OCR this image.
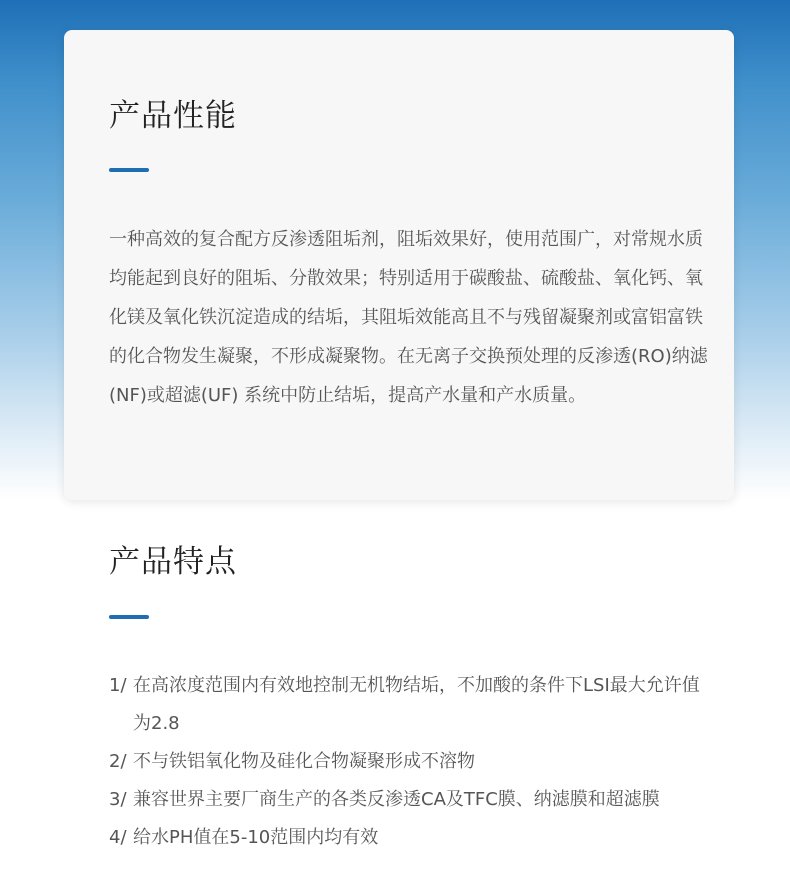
产品性能

一种高效的复合配方反渗透阻垢剂，阻垢效果好，使用范围广，对常规水质均能起到良好的阻垢、分散效果；特别适用于碳酸盐、硫酸盐、氧化钙、氧化镁及氧化铁沉淀造成的结垢，其阻垢效能高且不与残留凝聚剂或富铝富铁的化合物发生凝聚，不形成凝聚物。在无离子交换预处理的反渗透(RO)纳滤(NF)或超滤(UF) 系统中防止结垢，提高产水量和产水质量。

产品特点
1/ 在高浓度范围内有效地控制无机物结垢，不加酸的条件下LSI最大允许值为2.8
2/ 不与铁铝氧化物及硅化合物凝聚形成不溶物
3/ 兼容世界主要厂商生产的各类反渗透CA及TFC膜、纳滤膜和超滤膜
4/ 给水PH值在5-10范围内均有效
